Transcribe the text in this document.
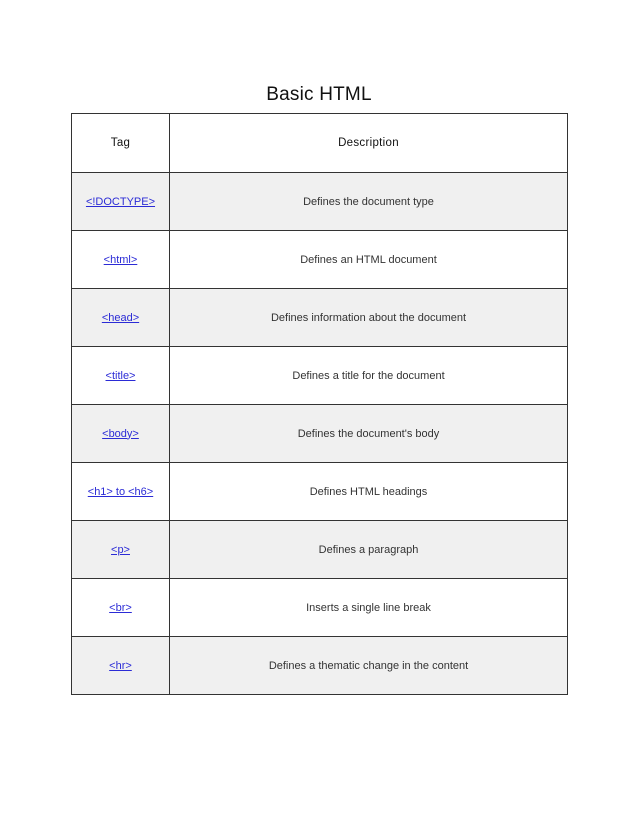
Basic HTML
Tag	Description
<!DOCTYPE>	Defines the document type
<html>	Defines an HTML document
<head>	Defines information about the document
<title>	Defines a title for the document
<body>	Defines the document's body
<h1> to <h6>	Defines HTML headings
<p>	Defines a paragraph
<br>	Inserts a single line break
<hr>	Defines a thematic change in the content
